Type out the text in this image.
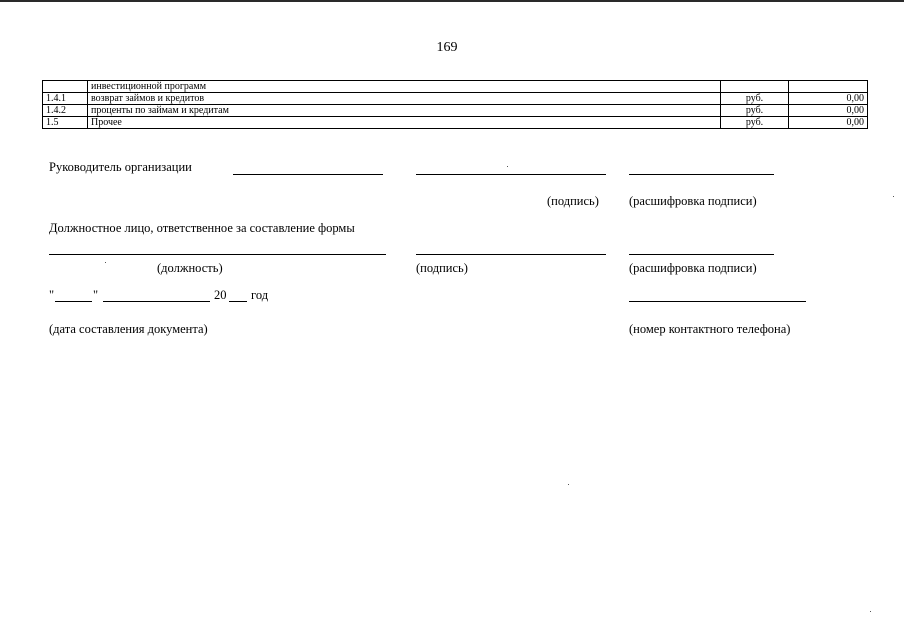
169
	инвестиционной программ		
1.4.1	возврат займов и кредитов	руб.	0,00
1.4.2	проценты по займам и кредитам	руб.	0,00
1.5	Прочее	руб.	0,00
Руководитель организации
(подпись) (расшифровка подписи)
Должностное лицо, ответственное за составление формы
(должность)	(подпись)	(расшифровка подписи)
"	"	20 год
(дата составления документа)	(номер контактного телефона)
